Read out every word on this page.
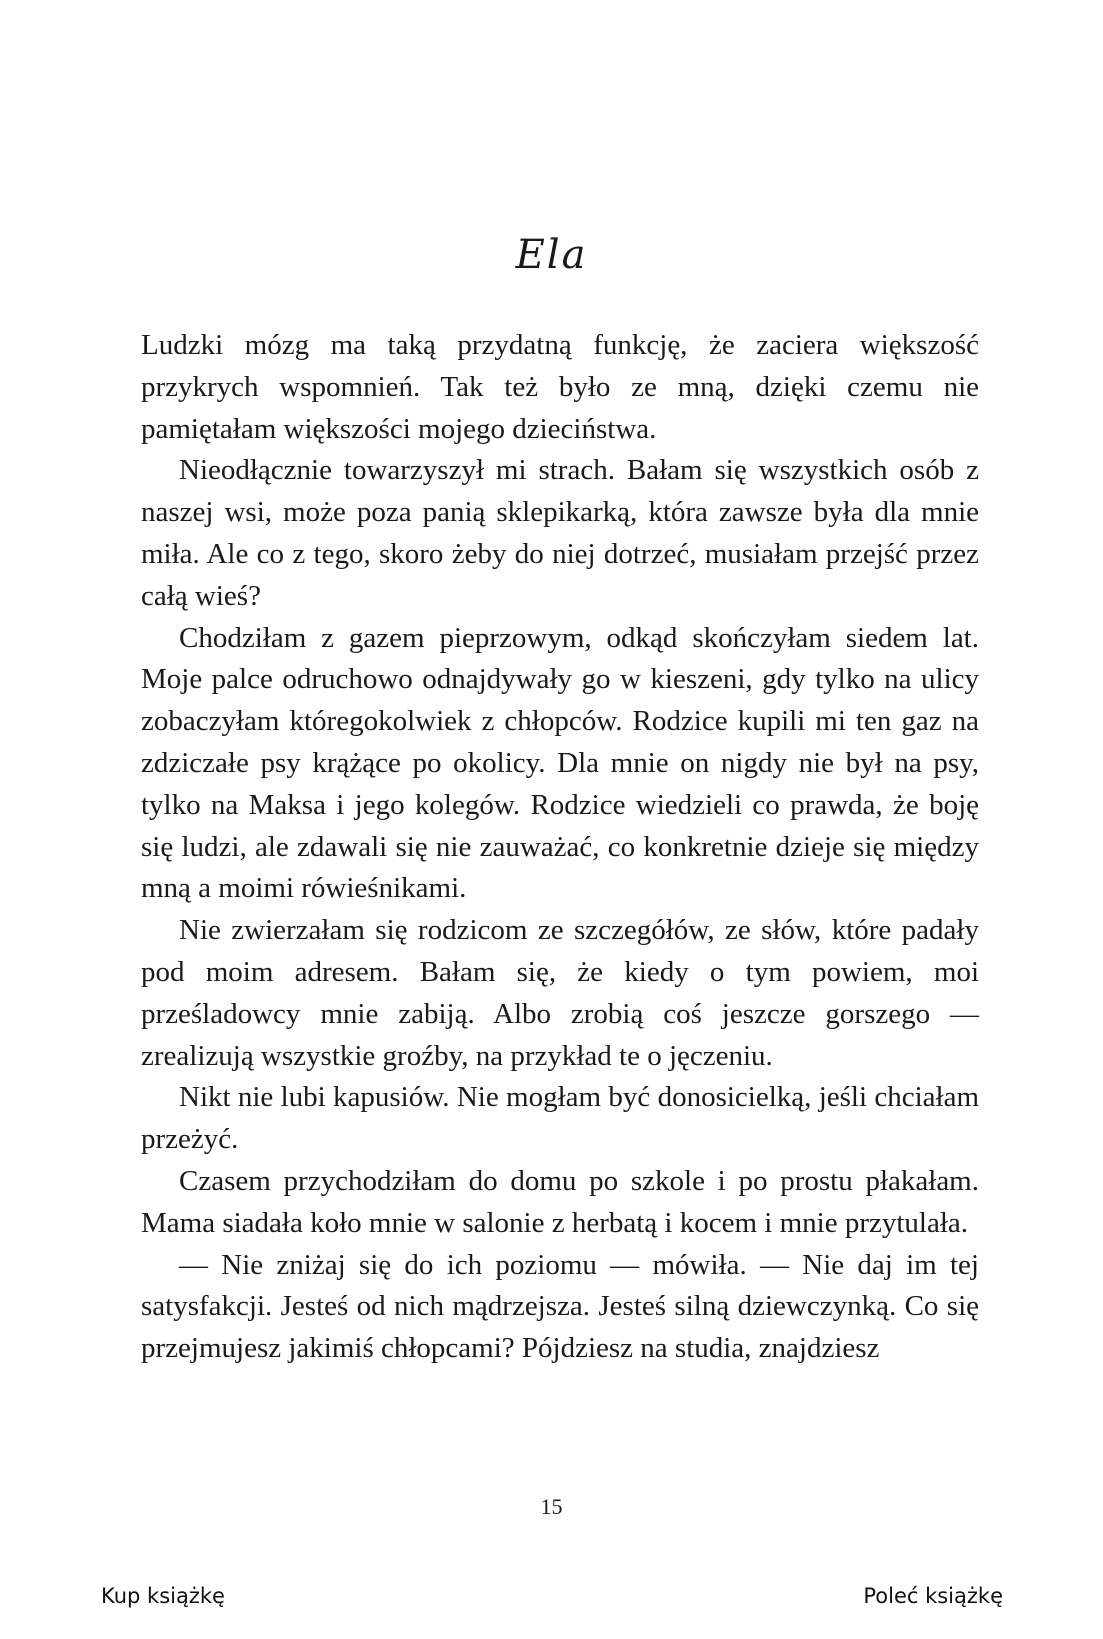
Ela

Ludzki mózg ma taką przydatną funkcję, że zaciera większość przykrych wspomnień. Tak też było ze mną, dzięki czemu nie pamiętałam większości mojego dzieciństwa.

Nieodłącznie towarzyszył mi strach. Bałam się wszystkich osób z naszej wsi, może poza panią sklepikarką, która zawsze była dla mnie miła. Ale co z tego, skoro żeby do niej dotrzeć, musiałam przejść przez całą wieś?

Chodziłam z gazem pieprzowym, odkąd skończyłam siedem lat. Moje palce odruchowo odnajdywały go w kieszeni, gdy tylko na ulicy zobaczyłam któregokolwiek z chłopców. Rodzice kupili mi ten gaz na zdziczałe psy krążące po okolicy. Dla mnie on nigdy nie był na psy, tylko na Maksa i jego kolegów. Rodzice wiedzieli co prawda, że boję się ludzi, ale zdawali się nie zauważać, co konkretnie dzieje się między mną a moimi rówieśnikami.

Nie zwierzałam się rodzicom ze szczegółów, ze słów, które padały pod moim adresem. Bałam się, że kiedy o tym powiem, moi prześladowcy mnie zabiją. Albo zrobią coś jeszcze gorszego — zrealizują wszystkie groźby, na przykład te o jęczeniu.

Nikt nie lubi kapusiów. Nie mogłam być donosicielką, jeśli chciałam przeżyć.

Czasem przychodziłam do domu po szkole i po prostu płakałam. Mama siadała koło mnie w salonie z herbatą i kocem i mnie przytulała.

— Nie zniżaj się do ich poziomu — mówiła. — Nie daj im tej satysfakcji. Jesteś od nich mądrzejsza. Jesteś silną dziewczynką. Co się przejmujesz jakimiś chłopcami? Pójdziesz na studia, znajdziesz

15
Kup książkę	Poleć książkę
